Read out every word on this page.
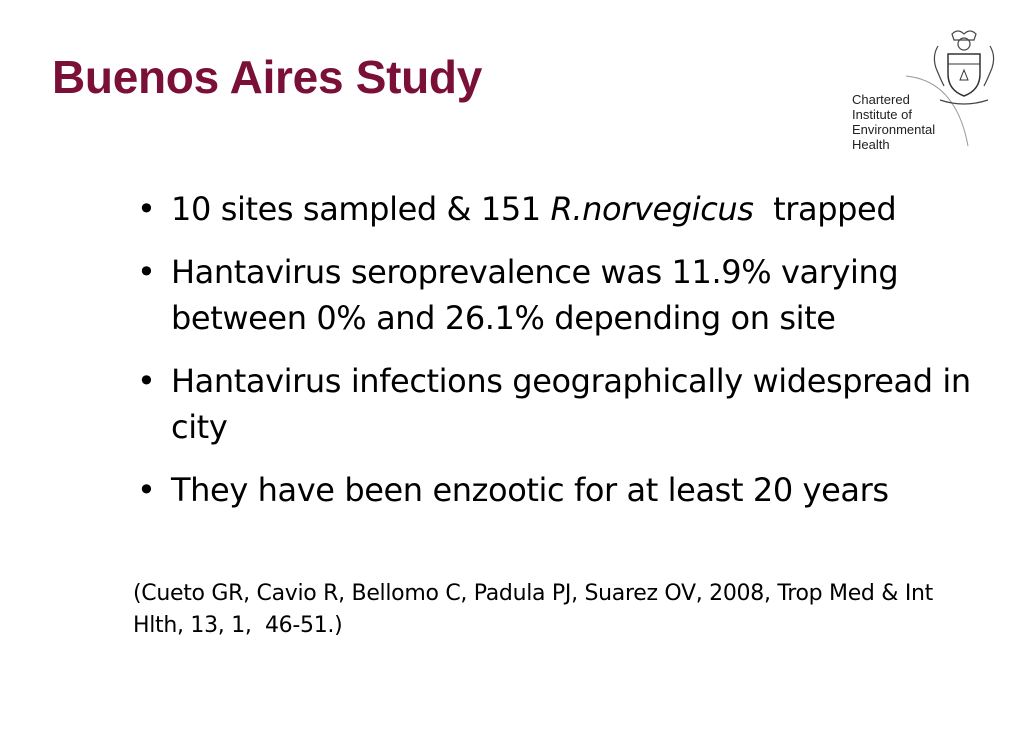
Buenos Aires Study	Chartered
Institute of
Environmental
Health
• 10 sites sampled & 151 R.norvegicus  trapped
• Hantavirus seroprevalence was 11.9% varying between 0% and 26.1% depending on site
• Hantavirus infections geographically widespread in city
• They have been enzootic for at least 20 years
(Cueto GR, Cavio R, Bellomo C, Padula PJ, Suarez OV, 2008, Trop Med & Int Hlth, 13, 1,  46-51.)
